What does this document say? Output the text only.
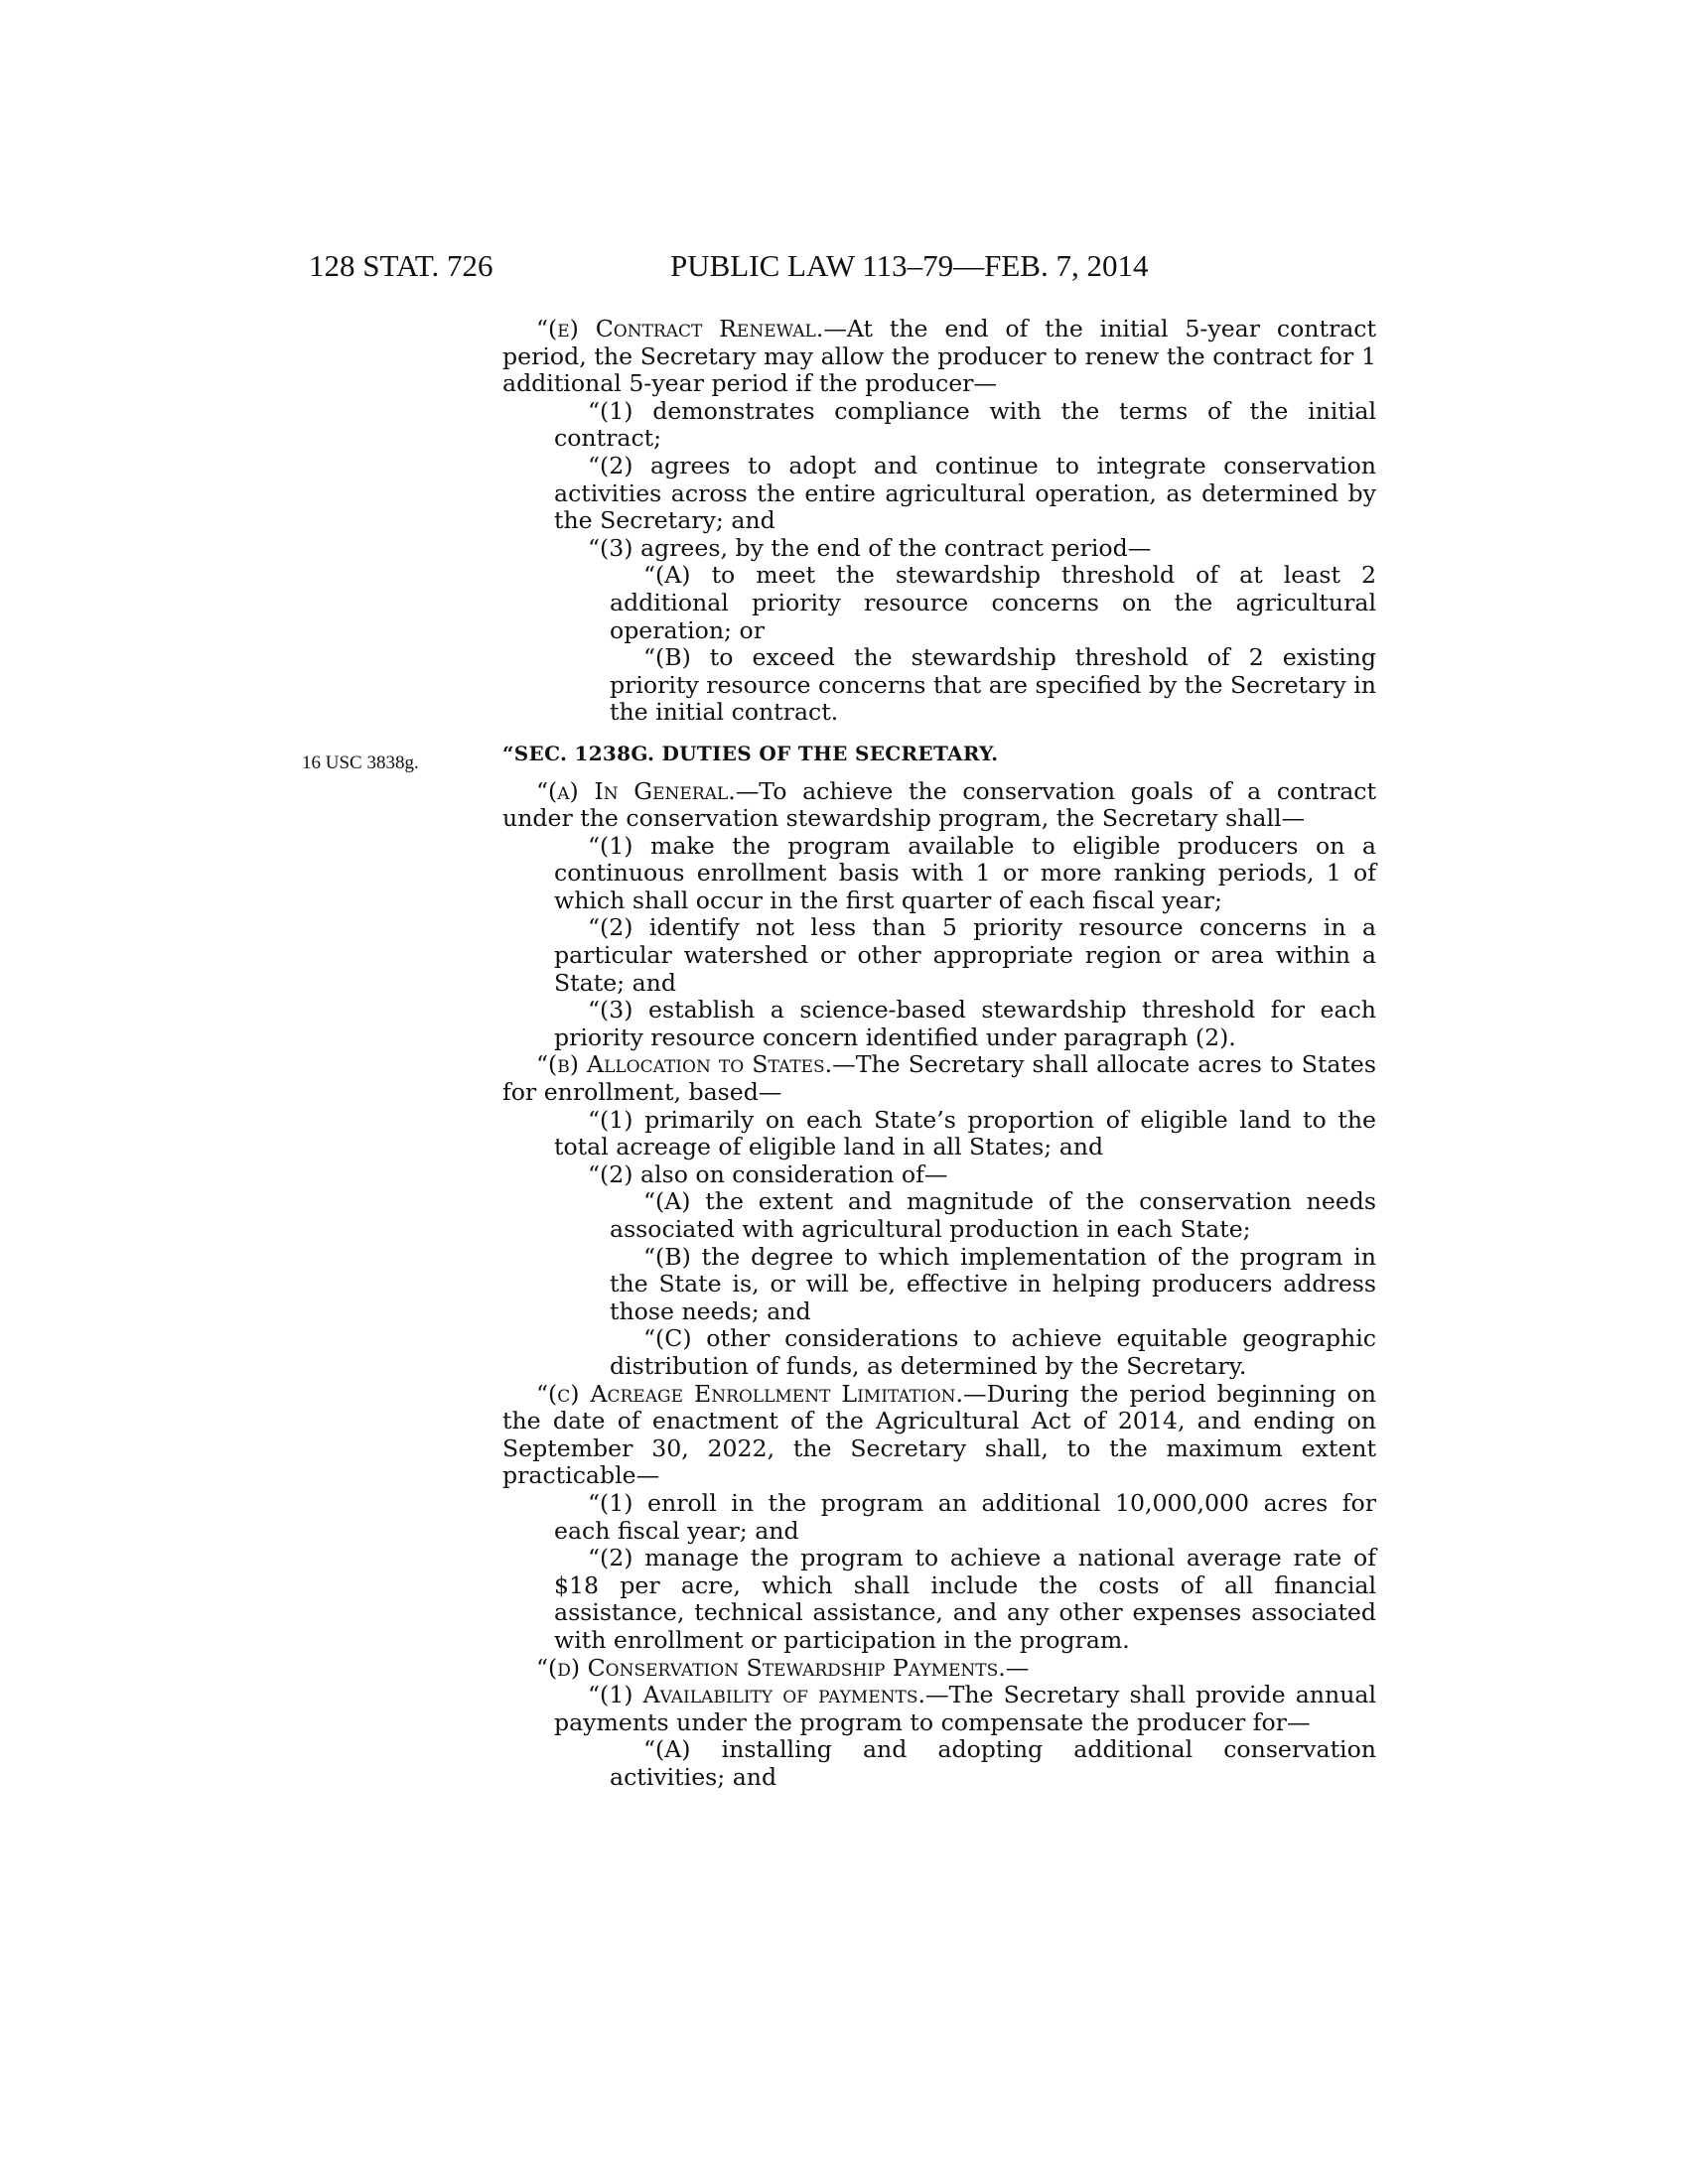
128 STAT. 726	PUBLIC LAW 113–79—FEB. 7, 2014
16 USC 3838g.

“(e) Contract Renewal.—At the end of the initial 5-year contract period, the Secretary may allow the producer to renew the contract for 1 additional 5-year period if the producer—

“(1) demonstrates compliance with the terms of the initial contract;

“(2) agrees to adopt and continue to integrate conservation activities across the entire agricultural operation, as determined by the Secretary; and

“(3) agrees, by the end of the contract period—

“(A) to meet the stewardship threshold of at least 2 additional priority resource concerns on the agricultural operation; or

“(B) to exceed the stewardship threshold of 2 existing priority resource concerns that are specified by the Secretary in the initial contract.

“SEC. 1238G. DUTIES OF THE SECRETARY.

“(a) In General.—To achieve the conservation goals of a contract under the conservation stewardship program, the Secretary shall—

“(1) make the program available to eligible producers on a continuous enrollment basis with 1 or more ranking periods, 1 of which shall occur in the first quarter of each fiscal year;

“(2) identify not less than 5 priority resource concerns in a particular watershed or other appropriate region or area within a State; and

“(3) establish a science-based stewardship threshold for each priority resource concern identified under paragraph (2).

“(b) Allocation to States.—The Secretary shall allocate acres to States for enrollment, based—

“(1) primarily on each State’s proportion of eligible land to the total acreage of eligible land in all States; and

“(2) also on consideration of—

“(A) the extent and magnitude of the conservation needs associated with agricultural production in each State;

“(B) the degree to which implementation of the program in the State is, or will be, effective in helping producers address those needs; and

“(C) other considerations to achieve equitable geographic distribution of funds, as determined by the Secretary.

“(c) Acreage Enrollment Limitation.—During the period beginning on the date of enactment of the Agricultural Act of 2014, and ending on September 30, 2022, the Secretary shall, to the maximum extent practicable—

“(1) enroll in the program an additional 10,000,000 acres for each fiscal year; and

“(2) manage the program to achieve a national average rate of $18 per acre, which shall include the costs of all financial assistance, technical assistance, and any other expenses associated with enrollment or participation in the program.

“(d) Conservation Stewardship Payments.—

“(1) Availability of payments.—The Secretary shall provide annual payments under the program to compensate the producer for—

“(A) installing and adopting additional conservation activities; and
